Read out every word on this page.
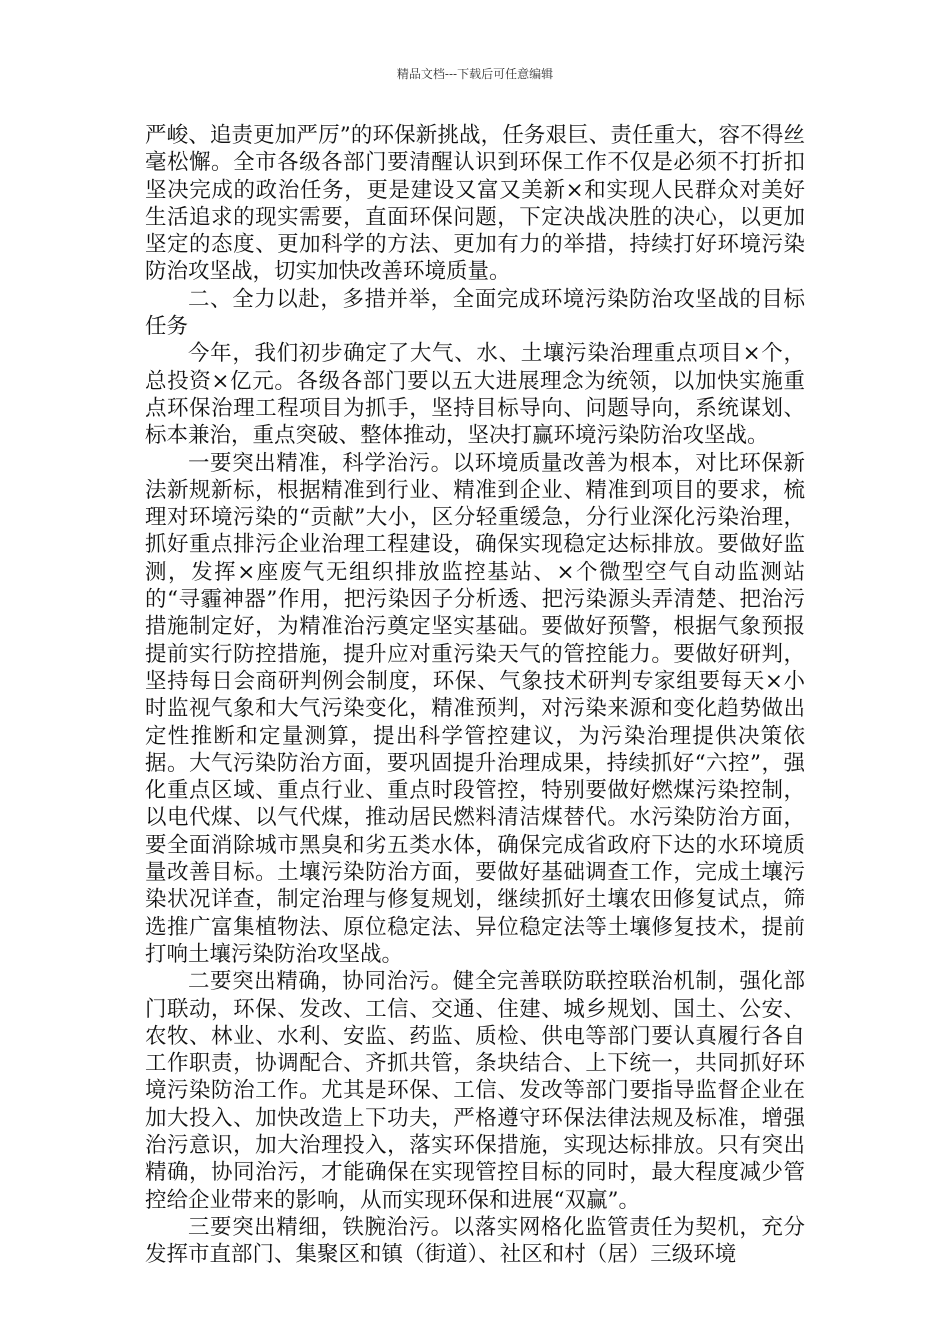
精品文档---下载后可任意编辑

严峻、追责更加严厉”的环保新挑战，任务艰巨、责任重大，容不得丝毫松懈。全市各级各部门要清醒认识到环保工作不仅是必须不打折扣坚决完成的政治任务，更是建设又富又美新×和实现人民群众对美好生活追求的现实需要，直面环保问题，下定决战决胜的决心，以更加坚定的态度、更加科学的方法、更加有力的举措，持续打好环境污染防治攻坚战，切实加快改善环境质量。

二、全力以赴，多措并举，全面完成环境污染防治攻坚战的目标任务

今年，我们初步确定了大气、水、土壤污染治理重点项目×个，总投资×亿元。各级各部门要以五大进展理念为统领，以加快实施重点环保治理工程项目为抓手，坚持目标导向、问题导向，系统谋划、标本兼治，重点突破、整体推动，坚决打赢环境污染防治攻坚战。

一要突出精准，科学治污。以环境质量改善为根本，对比环保新法新规新标，根据精准到行业、精准到企业、精准到项目的要求，梳理对环境污染的“贡献”大小，区分轻重缓急，分行业深化污染治理，抓好重点排污企业治理工程建设，确保实现稳定达标排放。要做好监测，发挥×座废气无组织排放监控基站、×个微型空气自动监测站的“寻霾神器”作用，把污染因子分析透、把污染源头弄清楚、把治污措施制定好，为精准治污奠定坚实基础。要做好预警，根据气象预报提前实行防控措施，提升应对重污染天气的管控能力。要做好研判，坚持每日会商研判例会制度，环保、气象技术研判专家组要每天×小时监视气象和大气污染变化，精准预判，对污染来源和变化趋势做出定性推断和定量测算，提出科学管控建议，为污染治理提供决策依据。大气污染防治方面，要巩固提升治理成果，持续抓好“六控”，强化重点区域、重点行业、重点时段管控，特别要做好燃煤污染控制，以电代煤、以气代煤，推动居民燃料清洁煤替代。水污染防治方面，要全面消除城市黑臭和劣五类水体，确保完成省政府下达的水环境质量改善目标。土壤污染防治方面，要做好基础调查工作，完成土壤污染状况详查，制定治理与修复规划，继续抓好土壤农田修复试点，筛选推广富集植物法、原位稳定法、异位稳定法等土壤修复技术，提前打响土壤污染防治攻坚战。

二要突出精确，协同治污。健全完善联防联控联治机制，强化部门联动，环保、发改、工信、交通、住建、城乡规划、国土、公安、农牧、林业、水利、安监、药监、质检、供电等部门要认真履行各自工作职责，协调配合、齐抓共管，条块结合、上下统一，共同抓好环境污染防治工作。尤其是环保、工信、发改等部门要指导监督企业在加大投入、加快改造上下功夫，严格遵守环保法律法规及标准，增强治污意识，加大治理投入，落实环保措施，实现达标排放。只有突出精确，协同治污，才能确保在实现管控目标的同时，最大程度减少管控给企业带来的影响，从而实现环保和进展“双赢”。

三要突出精细，铁腕治污。以落实网格化监管责任为契机，充分发挥市直部门、集聚区和镇（街道）、社区和村（居）三级环境
